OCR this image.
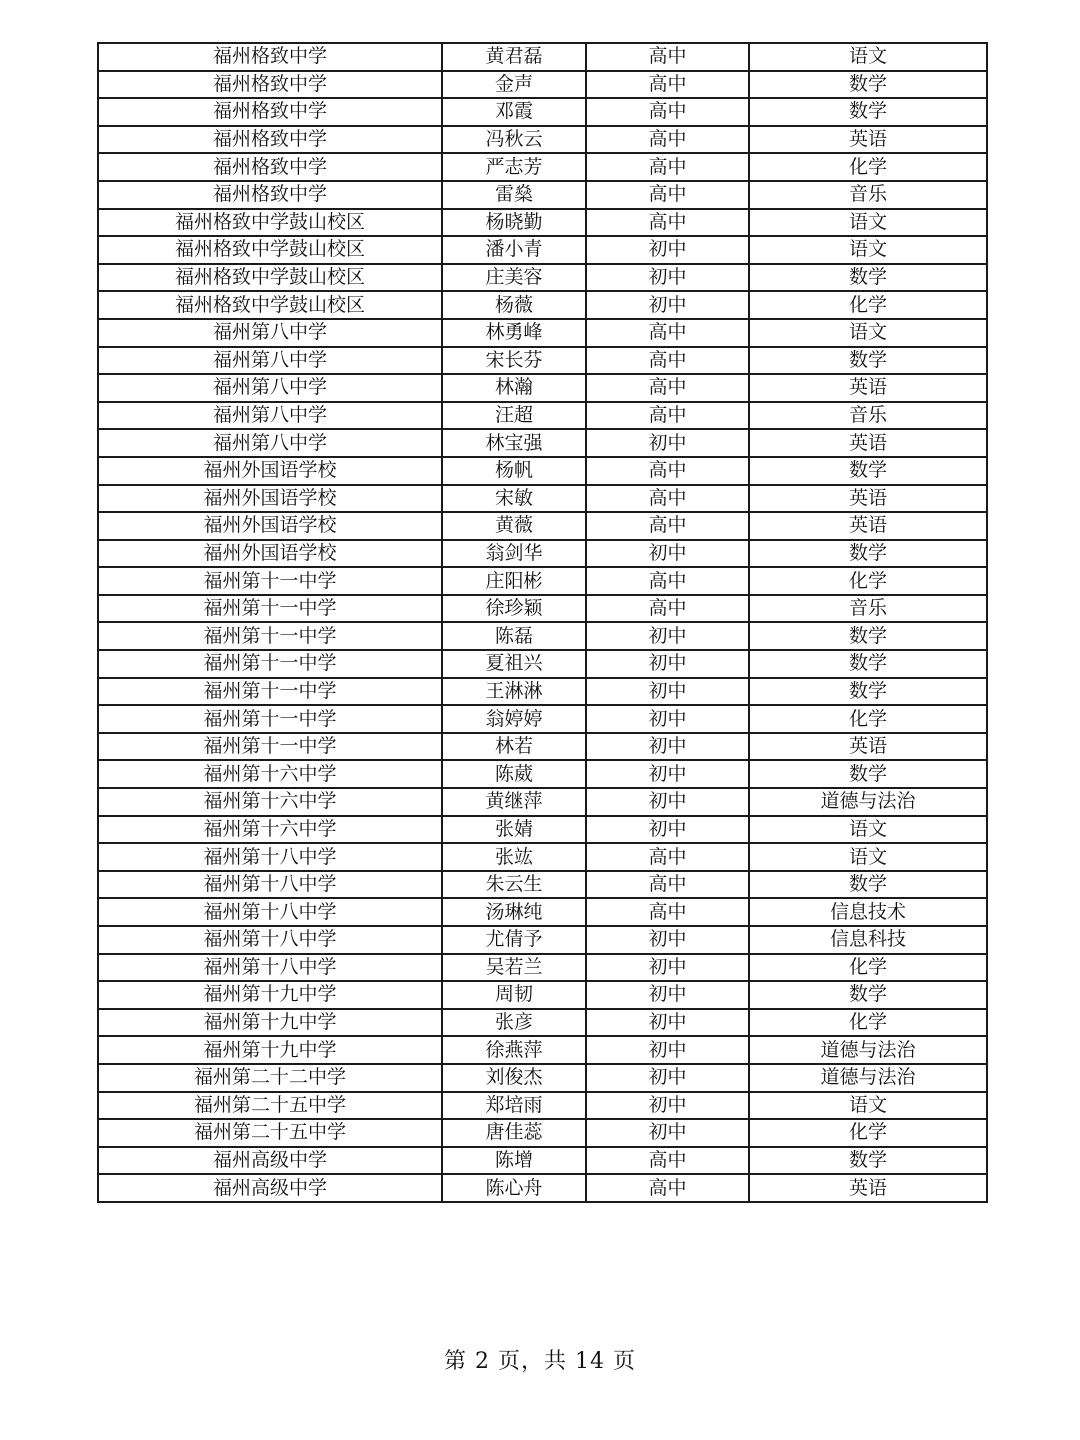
福州格致中学	黄君磊	高中	语文
福州格致中学	金声	高中	数学
福州格致中学	邓霞	高中	数学
福州格致中学	冯秋云	高中	英语
福州格致中学	严志芳	高中	化学
福州格致中学	雷燊	高中	音乐
福州格致中学鼓山校区	杨晓勤	高中	语文
福州格致中学鼓山校区	潘小青	初中	语文
福州格致中学鼓山校区	庄美容	初中	数学
福州格致中学鼓山校区	杨薇	初中	化学
福州第八中学	林勇峰	高中	语文
福州第八中学	宋长芬	高中	数学
福州第八中学	林瀚	高中	英语
福州第八中学	汪超	高中	音乐
福州第八中学	林宝强	初中	英语
福州外国语学校	杨帆	高中	数学
福州外国语学校	宋敏	高中	英语
福州外国语学校	黄薇	高中	英语
福州外国语学校	翁剑华	初中	数学
福州第十一中学	庄阳彬	高中	化学
福州第十一中学	徐珍颖	高中	音乐
福州第十一中学	陈磊	初中	数学
福州第十一中学	夏祖兴	初中	数学
福州第十一中学	王淋淋	初中	数学
福州第十一中学	翁婷婷	初中	化学
福州第十一中学	林若	初中	英语
福州第十六中学	陈葳	初中	数学
福州第十六中学	黄继萍	初中	道德与法治
福州第十六中学	张婧	初中	语文
福州第十八中学	张竑	高中	语文
福州第十八中学	朱云生	高中	数学
福州第十八中学	汤琳纯	高中	信息技术
福州第十八中学	尤倩予	初中	信息科技
福州第十八中学	吴若兰	初中	化学
福州第十九中学	周韧	初中	数学
福州第十九中学	张彦	初中	化学
福州第十九中学	徐燕萍	初中	道德与法治
福州第二十二中学	刘俊杰	初中	道德与法治
福州第二十五中学	郑培雨	初中	语文
福州第二十五中学	唐佳蕊	初中	化学
福州高级中学	陈增	高中	数学
福州高级中学	陈心舟	高中	英语
第 2 页，共 14 页
